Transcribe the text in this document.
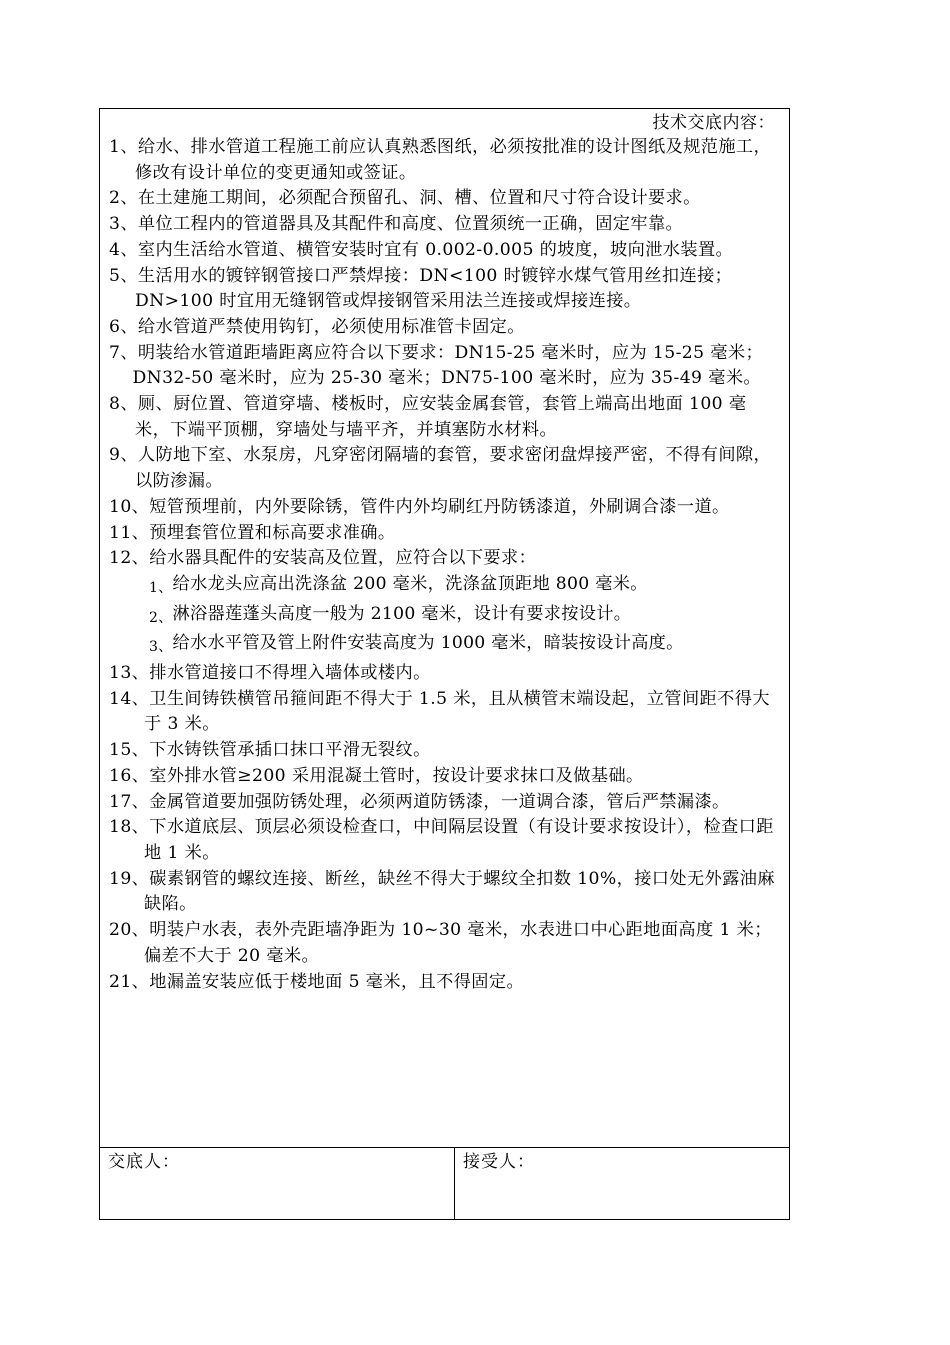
技术交底内容：

1、给水、排水管道工程施工前应认真熟悉图纸，必须按批准的设计图纸及规范施工， 修改有设计单位的变更通知或签证。

2、在土建施工期间，必须配合预留孔、洞、槽、位置和尺寸符合设计要求。

3、单位工程内的管道器具及其配件和高度、位置须统一正确，固定牢靠。

4、室内生活给水管道、横管安装时宜有 0.002-0.005 的坡度，坡向泄水装置。

5、生活用水的镀锌钢管接口严禁焊接：DN<100 时镀锌水煤气管用丝扣连接；DN>100 时宜用无缝钢管或焊接钢管采用法兰连接或焊接连接。

6、给水管道严禁使用钩钉，必须使用标准管卡固定。

7、明装给水管道距墙距离应符合以下要求：DN15-25 毫米时，应为 15-25 毫米；

DN32-50 毫米时，应为 25-30 毫米；DN75-100 毫米时，应为 35-49 毫米。

8、厕、厨位置、管道穿墙、楼板时，应安装金属套管，套管上端高出地面 100 毫米，下端平顶棚，穿墙处与墙平齐，并填塞防水材料。

9、人防地下室、水泵房，凡穿密闭隔墙的套管，要求密闭盘焊接严密，不得有间隙，以防渗漏。

10、短管预埋前，内外要除锈，管件内外均刷红丹防锈漆道，外刷调合漆一道。

11、预埋套管位置和标高要求准确。

12、给水器具配件的安装高及位置，应符合以下要求：

1、给水龙头应高出洗涤盆 200 毫米，洗涤盆顶距地 800 毫米。

2、淋浴器莲蓬头高度一般为 2100 毫米，设计有要求按设计。

3、给水水平管及管上附件安装高度为 1000 毫米，暗装按设计高度。

13、排水管道接口不得埋入墙体或楼内。

14、卫生间铸铁横管吊箍间距不得大于 1.5 米，且从横管末端设起，立管间距不得大于 3 米。

15、下水铸铁管承插口抹口平滑无裂纹。

16、室外排水管≥200 采用混凝土管时，按设计要求抹口及做基础。

17、金属管道要加强防锈处理，必须两道防锈漆，一道调合漆，管后严禁漏漆。

18、下水道底层、顶层必须设检查口，中间隔层设置（有设计要求按设计），检查口距地 1 米。

19、碳素钢管的螺纹连接、断丝，缺丝不得大于螺纹全扣数 10%，接口处无外露油麻缺陷。

20、明装户水表，表外壳距墙净距为 10~30 毫米，水表进口中心距地面高度 1 米；偏差不大于 20 毫米。

21、地漏盖安装应低于楼地面 5 毫米，且不得固定。

交底人：	接受人：
